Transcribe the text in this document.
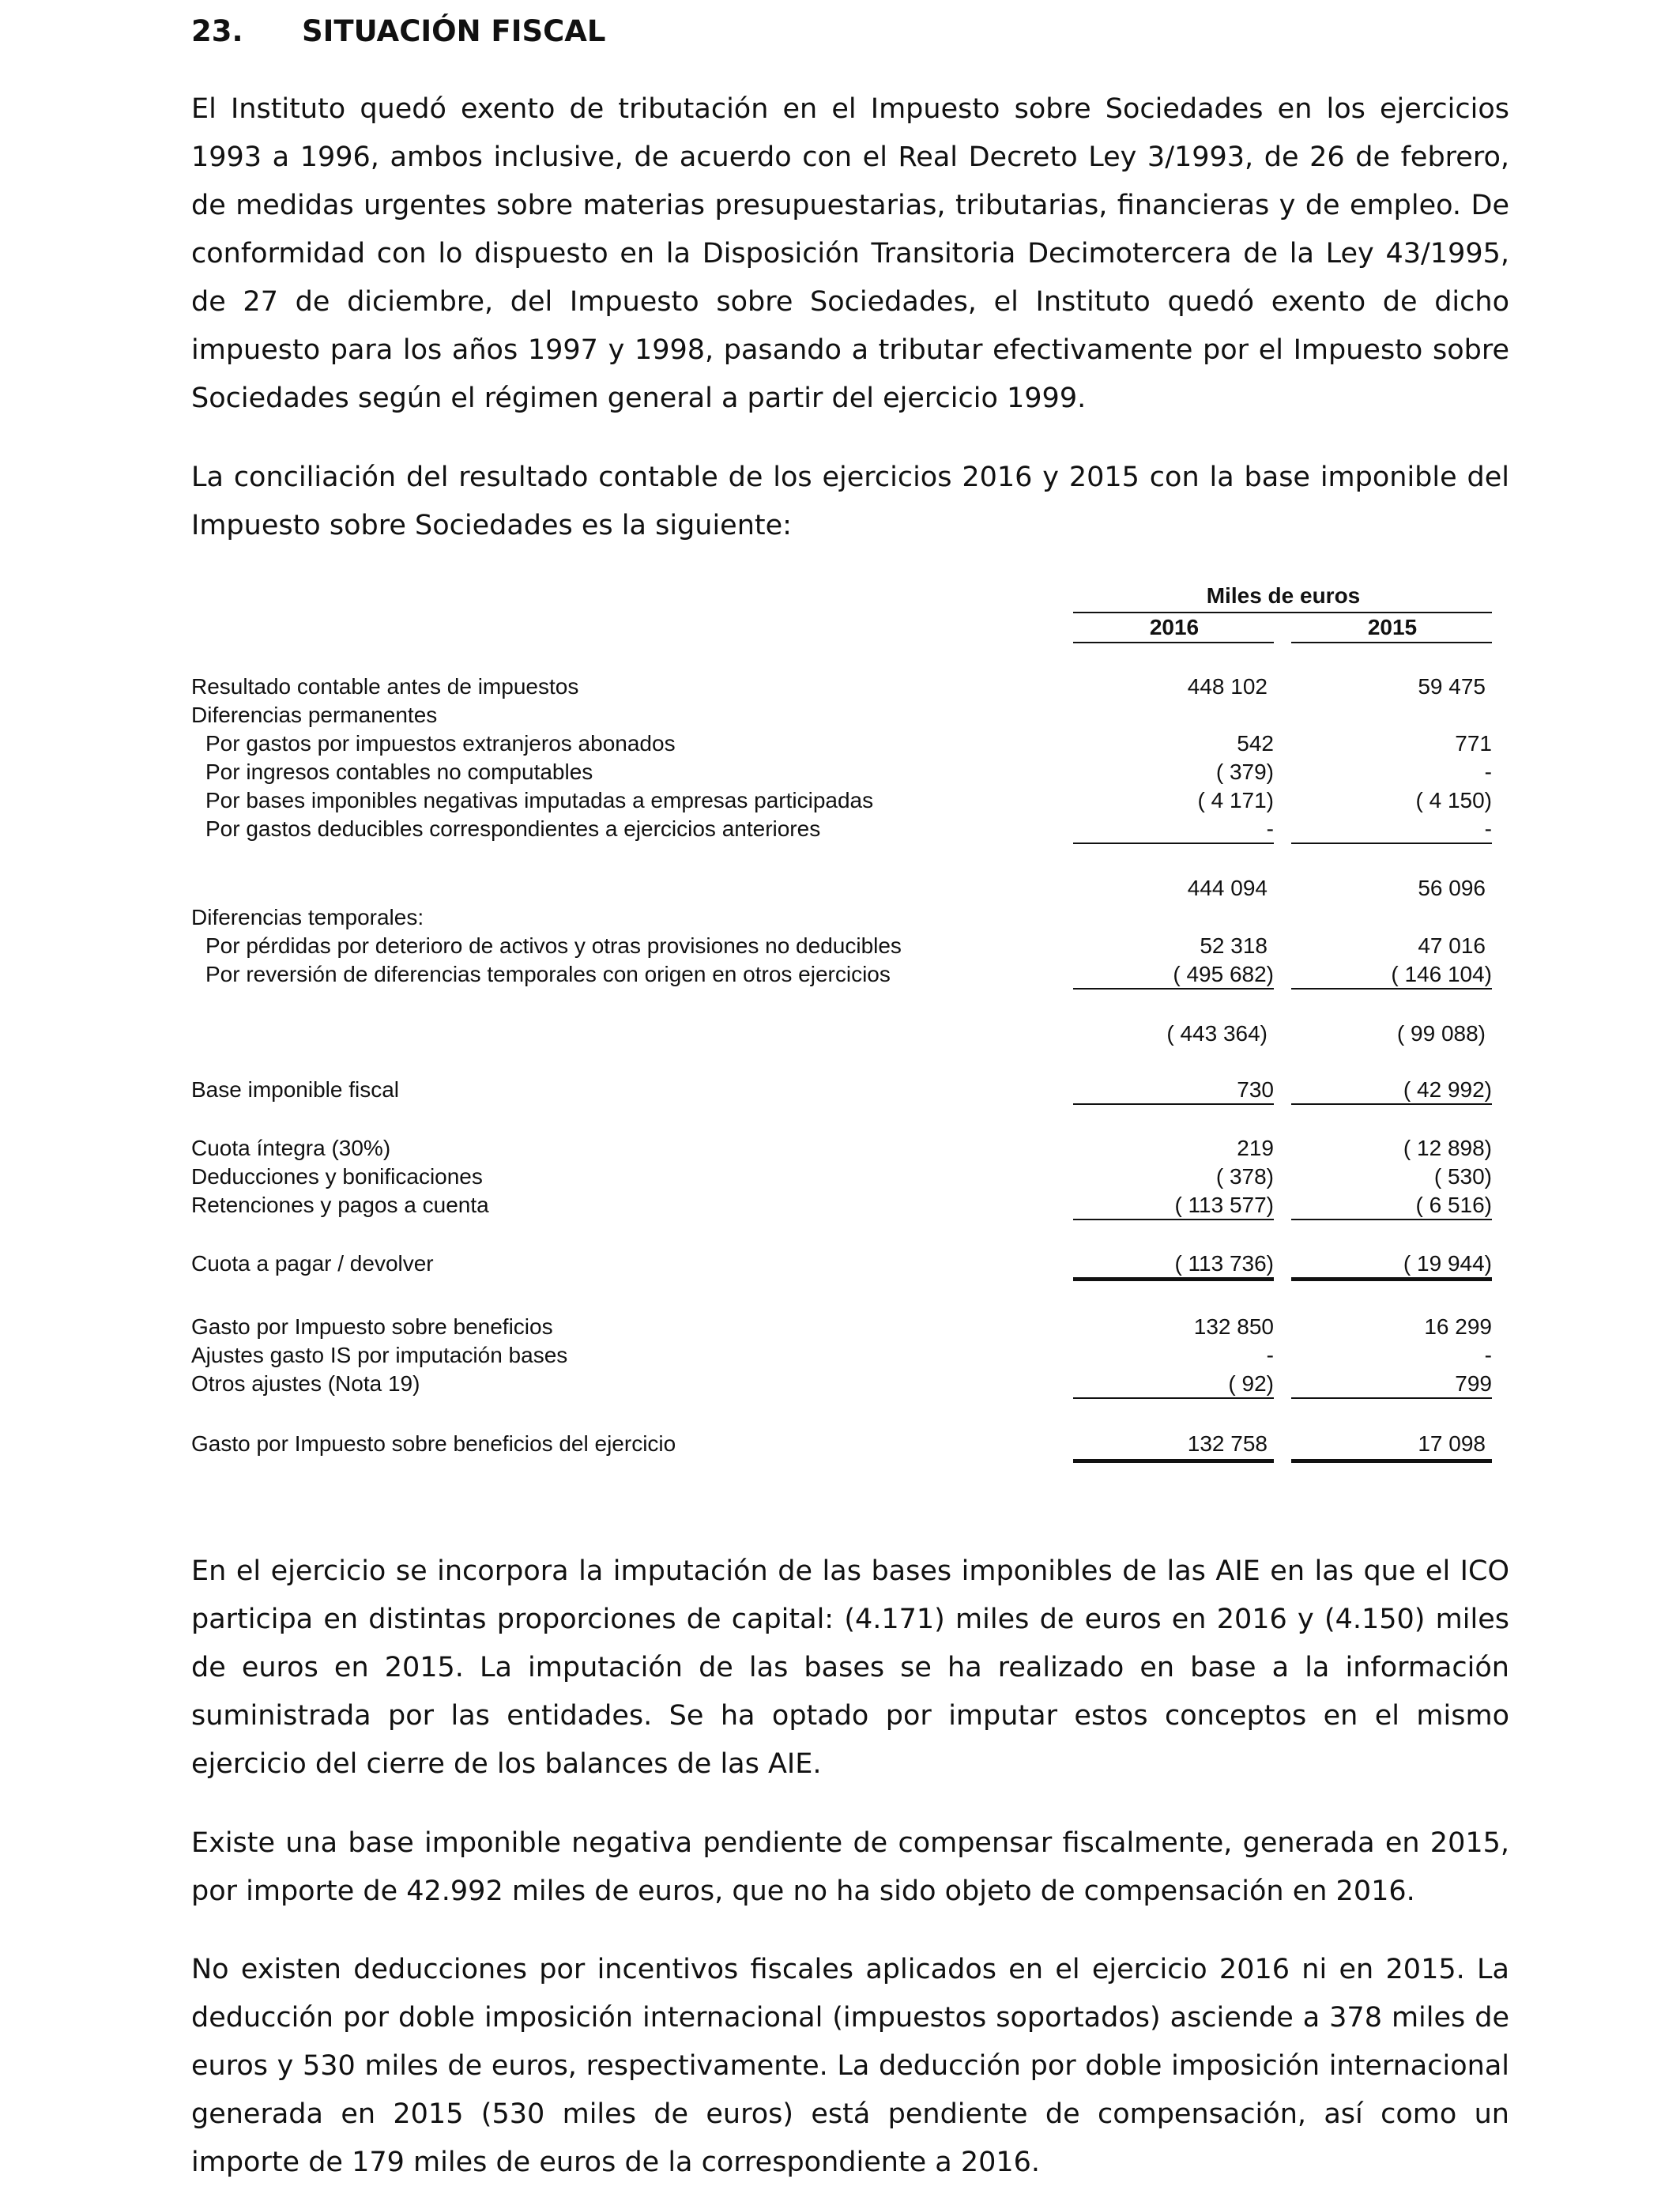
23. SITUACIÓN FISCAL

El Instituto quedó exento de tributación en el Impuesto sobre Sociedades en los ejercicios 1993 a 1996, ambos inclusive, de acuerdo con el Real Decreto Ley 3/1993, de 26 de febrero, de medidas urgentes sobre materias presupuestarias, tributarias, financieras y de empleo. De conformidad con lo dispuesto en la Disposición Transitoria Decimotercera de la Ley 43/1995, de 27 de diciembre, del Impuesto sobre Sociedades, el Instituto quedó exento de dicho impuesto para los años 1997 y 1998, pasando a tributar efectivamente por el Impuesto sobre Sociedades según el régimen general a partir del ejercicio 1999.

La conciliación del resultado contable de los ejercicios 2016 y 2015 con la base imponible del Impuesto sobre Sociedades es la siguiente:

Miles de euros
2016	2015
Resultado contable antes de impuestos	448 102	59 475
Diferencias permanentes
Por gastos por impuestos extranjeros abonados	542	771
Por ingresos contables no computables	( 379)	-
Por bases imponibles negativas imputadas a empresas participadas	( 4 171)	( 4 150)
Por gastos deducibles correspondientes a ejercicios anteriores	-	-
444 094	56 096
Diferencias temporales:
Por pérdidas por deterioro de activos y otras provisiones no deducibles	52 318	47 016
Por reversión de diferencias temporales con origen en otros ejercicios	( 495 682)	( 146 104)
( 443 364)	( 99 088)
Base imponible fiscal	730	( 42 992)
Cuota íntegra (30%)	219	( 12 898)
Deducciones y bonificaciones	( 378)	( 530)
Retenciones y pagos a cuenta	( 113 577)	( 6 516)
Cuota a pagar / devolver	( 113 736)	( 19 944)
Gasto por Impuesto sobre beneficios	132 850	16 299
Ajustes gasto IS por imputación bases	-	-
Otros ajustes (Nota 19)	( 92)	799
Gasto por Impuesto sobre beneficios del ejercicio	132 758	17 098

En el ejercicio se incorpora la imputación de las bases imponibles de las AIE en las que el ICO participa en distintas proporciones de capital: (4.171) miles de euros en 2016 y (4.150) miles de euros en 2015. La imputación de las bases se ha realizado en base a la información suministrada por las entidades. Se ha optado por imputar estos conceptos en el mismo ejercicio del cierre de los balances de las AIE.

Existe una base imponible negativa pendiente de compensar fiscalmente, generada en 2015, por importe de 42.992 miles de euros, que no ha sido objeto de compensación en 2016.

No existen deducciones por incentivos fiscales aplicados en el ejercicio 2016 ni en 2015. La deducción por doble imposición internacional (impuestos soportados) asciende a 378 miles de euros y 530 miles de euros, respectivamente. La deducción por doble imposición internacional generada en 2015 (530 miles de euros) está pendiente de compensación, así como un importe de 179 miles de euros de la correspondiente a 2016.
